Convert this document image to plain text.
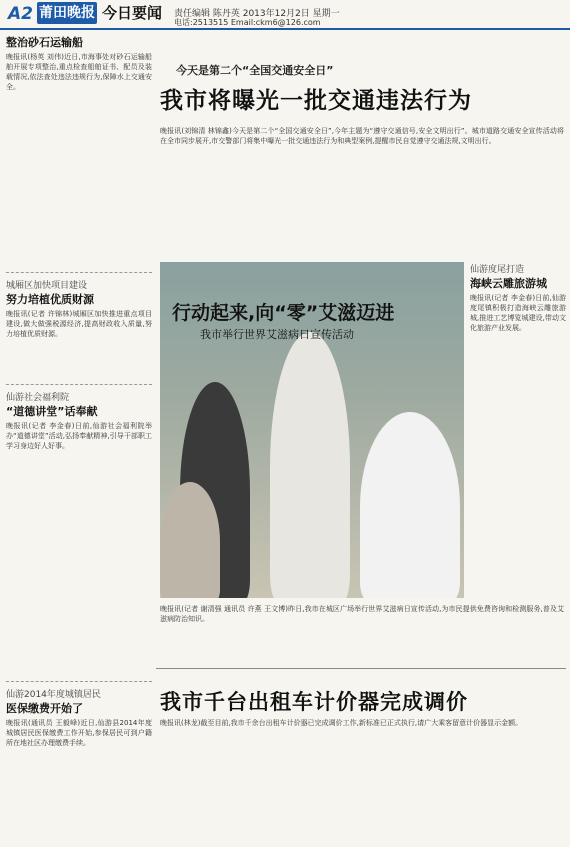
A2 莆田晚报 今日要闻	责任编辑 陈丹英 2013年12月2日 星期一
电话:2513515 Email:ckm6@126.com
整治砂石运输船
晚报讯(杨英 刘伟)近日,市海事处对砂石运输船舶开展专项整治,重点检查船舶证书、配员及装载情况,依法查处违法违规行为,保障水上交通安全。
城厢区加快项目建设
努力培植优质财源
晚报讯(记者 许锦林)城厢区加快推进重点项目建设,做大做强税源经济,提高财政收入质量,努力培植优质财源。
仙游社会福利院
“道德讲堂”话奉献
晚报讯(记者 李金春)日前,仙游社会福利院举办“道德讲堂”活动,弘扬奉献精神,引导干部职工学习身边好人好事。
仙游2014年度城镇居民
医保缴费开始了
晚报讯(通讯员 王毅峰)近日,仙游县2014年度城镇居民医保缴费工作开始,参保居民可到户籍所在地社区办理缴费手续。
今天是第二个“全国交通安全日”
我市将曝光一批交通违法行为
晚报讯(刘锦清 林锦鑫)今天是第二个“全国交通安全日”,今年主题为“遵守交通信号,安全文明出行”。城市道路交通安全宣传活动将在全市同步展开,市交警部门将集中曝光一批交通违法行为和典型案例,提醒市民自觉遵守交通法规,文明出行。
行动起来,向“零”艾滋迈进
我市举行世界艾滋病日宣传活动
晚报讯(记者 谢清强 通讯员 许燕 王文博)昨日,我市在城区广场举行世界艾滋病日宣传活动,为市民提供免费咨询和检测服务,普及艾滋病防治知识。
仙游度尾打造
海峡云雕旅游城
晚报讯(记者 李金春)日前,仙游度尾镇积极打造海峡云雕旅游城,推进工艺博览城建设,带动文化旅游产业发展。
我市千台出租车计价器完成调价
晚报讯(林龙)截至目前,我市千余台出租车计价器已完成调价工作,新标准已正式执行,请广大乘客留意计价器显示金额。
